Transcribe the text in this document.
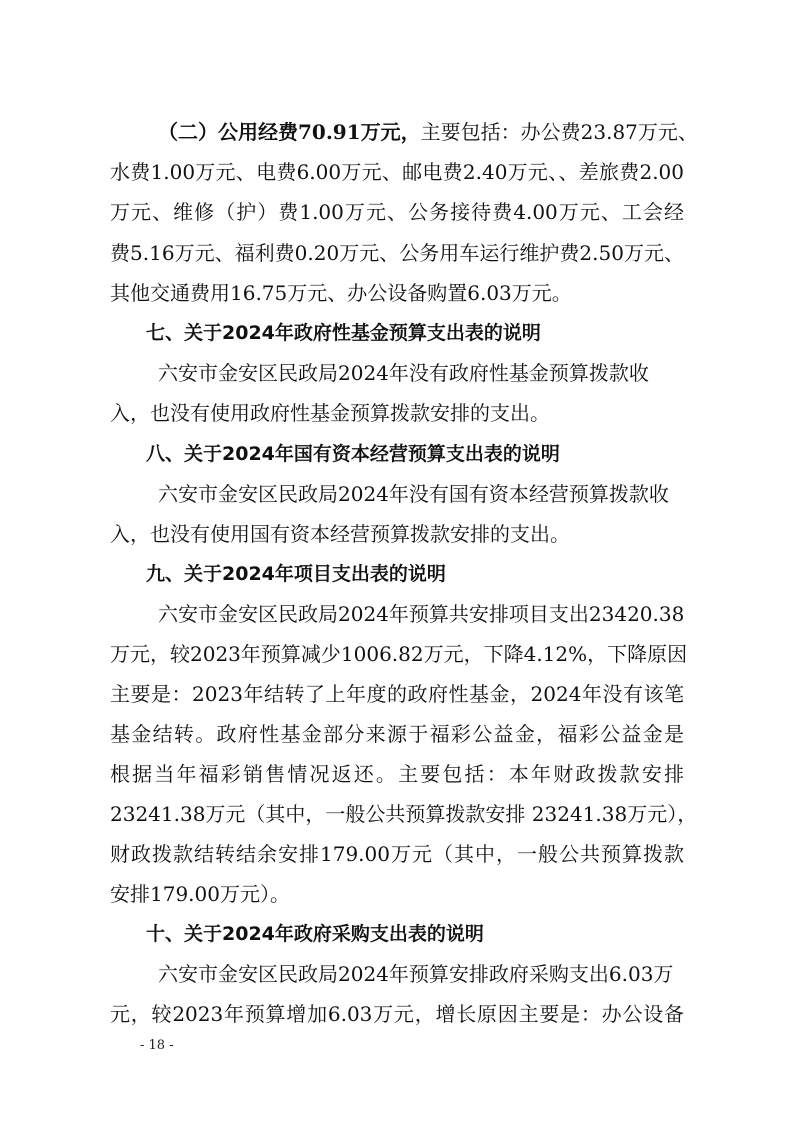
（二）公用经费70.91万元，主要包括：办公费23.87万元、
水费1.00万元、电费6.00万元、邮电费2.40万元、、差旅费2.00
万元、维修（护）费1.00万元、公务接待费4.00万元、工会经
费5.16万元、福利费0.20万元、公务用车运行维护费2.50万元、
其他交通费用16.75万元、办公设备购置6.03万元。
七、关于2024年政府性基金预算支出表的说明
六安市金安区民政局2024年没有政府性基金预算拨款收
入，也没有使用政府性基金预算拨款安排的支出。
八、关于2024年国有资本经营预算支出表的说明
六安市金安区民政局2024年没有国有资本经营预算拨款收
入，也没有使用国有资本经营预算拨款安排的支出。
九、关于2024年项目支出表的说明
六安市金安区民政局2024年预算共安排项目支出23420.38
万元，较2023年预算减少1006.82万元，下降4.12%，下降原因
主要是：2023年结转了上年度的政府性基金，2024年没有该笔
基金结转。政府性基金部分来源于福彩公益金，福彩公益金是
根据当年福彩销售情况返还。主要包括：本年财政拨款安排
23241.38万元（其中，一般公共预算拨款安排 23241.38万元），
财政拨款结转结余安排179.00万元（其中，一般公共预算拨款
安排179.00万元）。
十、关于2024年政府采购支出表的说明
六安市金安区民政局2024年预算安排政府采购支出6.03万
元，较2023年预算增加6.03万元，增长原因主要是：办公设备
- 18 -
